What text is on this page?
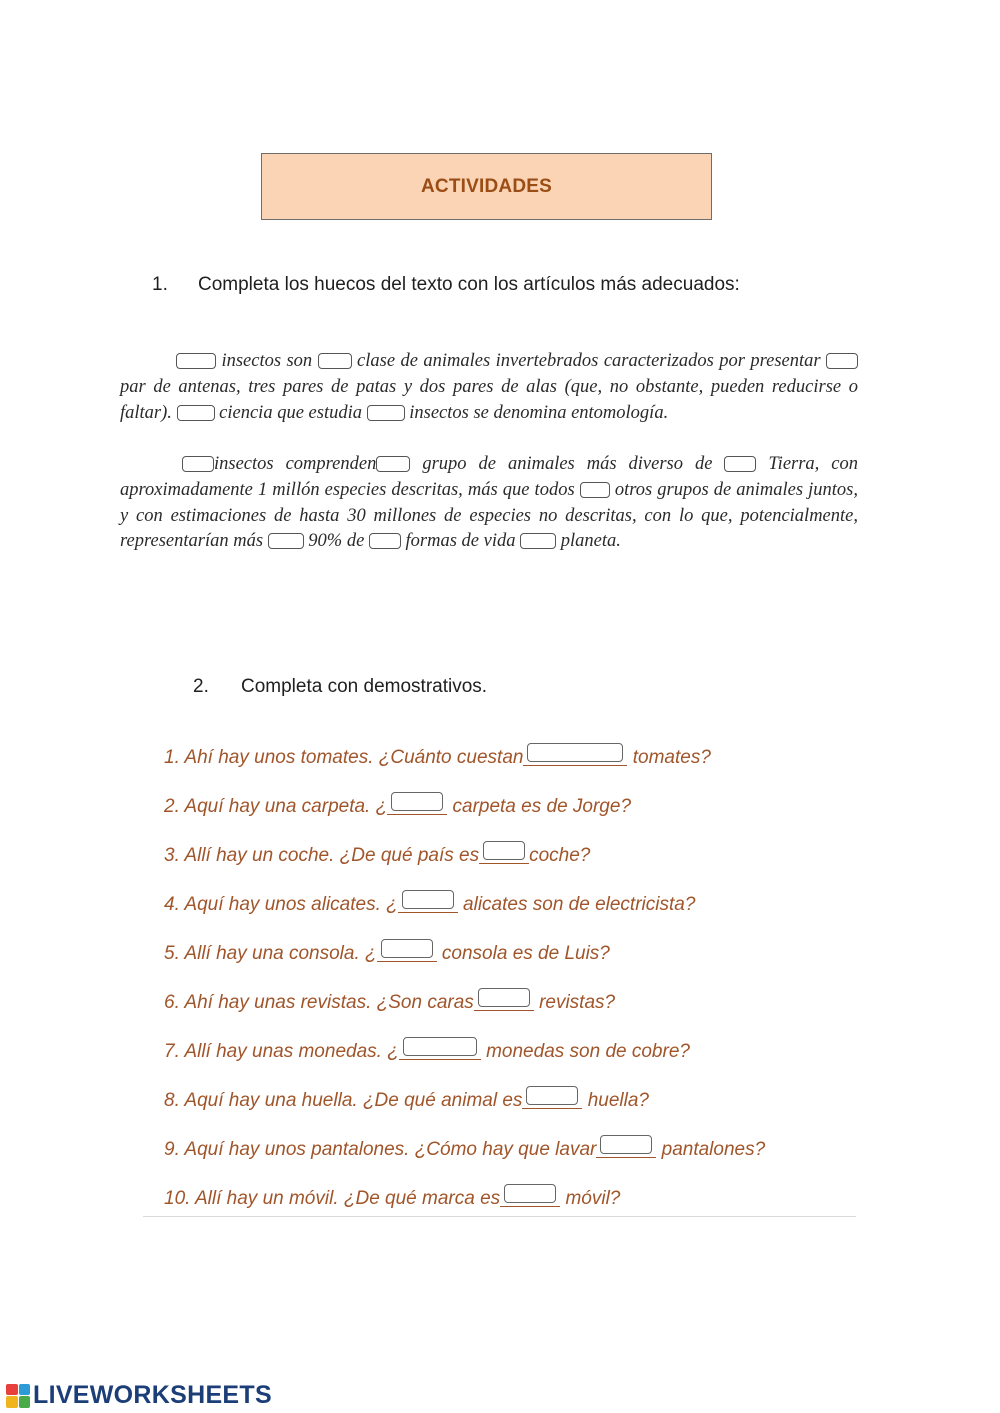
ACTIVIDADES
1. Completa los huecos del texto con los artículos más adecuados:

insectos son clase de animales invertebrados caracterizados por presentar  par de antenas, tres pares de patas y dos pares de alas (que, no obstante, pueden reducirse o faltar).	ciencia que estudia	insectos se denomina entomología.

insectos comprenden grupo de animales más diverso de	Tierra, con aproximadamente 1 millón especies descritas, más que todos otros grupos de animales juntos, y con estimaciones de hasta 30 millones de especies no descritas, con lo que, potencialmente, representarían más 90% de formas de vida planeta.

2. Completa con demostrativos.
1. Ahí hay unos tomates. ¿Cuánto cuestan	tomates?
2. Aquí hay una carpeta. ¿	carpeta es de Jorge?
3. Allí hay un coche. ¿De qué país es	coche?
4. Aquí hay unos alicates. ¿	alicates son de electricista?
5. Allí hay una consola. ¿	consola es de Luis?
6. Ahí hay unas revistas. ¿Son caras	revistas?
7. Allí hay unas monedas. ¿	monedas son de cobre?
8. Aquí hay una huella. ¿De qué animal es	huella?
9. Aquí hay unos pantalones. ¿Cómo hay que lavar	pantalones?
10. Allí hay un móvil. ¿De qué marca es	móvil?
LIVEWORKSHEETS
